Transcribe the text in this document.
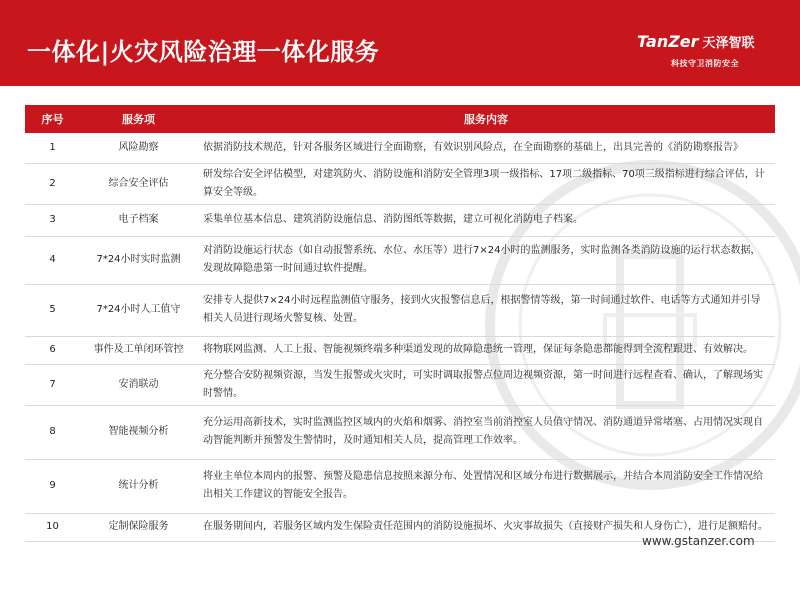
一体化|火灾风险治理一体化服务	TanZer 天泽智联
科技守卫消防安全
序号	服务项	服务内容
1	风险勘察	依据消防技术规范，针对各服务区域进行全面勘察，有效识别风险点，在全面勘察的基础上，出具完善的《消防勘察报告》
2	综合安全评估	研发综合安全评估模型，对建筑防火、消防设施和消防安全管理3项一级指标、17项二级指标、70项三级指标进行综合评估，计算安全等级。
3	电子档案	采集单位基本信息、建筑消防设施信息、消防图纸等数据，建立可视化消防电子档案。
4	7*24小时实时监测	对消防设施运行状态（如自动报警系统、水位、水压等）进行7×24小时的监测服务，实时监测各类消防设施的运行状态数据，发现故障隐患第一时间通过软件提醒。
5	7*24小时人工值守	安排专人提供7×24小时远程监测值守服务，接到火灾报警信息后，根据警情等级，第一时间通过软件、电话等方式通知并引导相关人员进行现场火警复核、处置。
6	事件及工单闭环管控	将物联网监测、人工上报、智能视频终端多种渠道发现的故障隐患统一管理，保证每条隐患都能得到全流程跟进、有效解决。
7	安消联动	充分整合安防视频资源，当发生报警或火灾时，可实时调取报警点位周边视频资源，第一时间进行远程查看、确认，了解现场实时警情。
8	智能视频分析	充分运用高新技术，实时监测监控区域内的火焰和烟雾、消控室当前消控室人员值守情况、消防通道异常堵塞、占用情况实现自动智能判断并预警发生警情时，及时通知相关人员，提高管理工作效率。
9	统计分析	将业主单位本周内的报警、预警及隐患信息按照来源分布、处置情况和区域分布进行数据展示，并结合本周消防安全工作情况给出相关工作建议的智能安全报告。
10	定制保险服务	在服务期间内，若服务区域内发生保险责任范围内的消防设施损坏、火灾事故损失（直接财产损失和人身伤亡），进行足额赔付。
www.gstanzer.com
